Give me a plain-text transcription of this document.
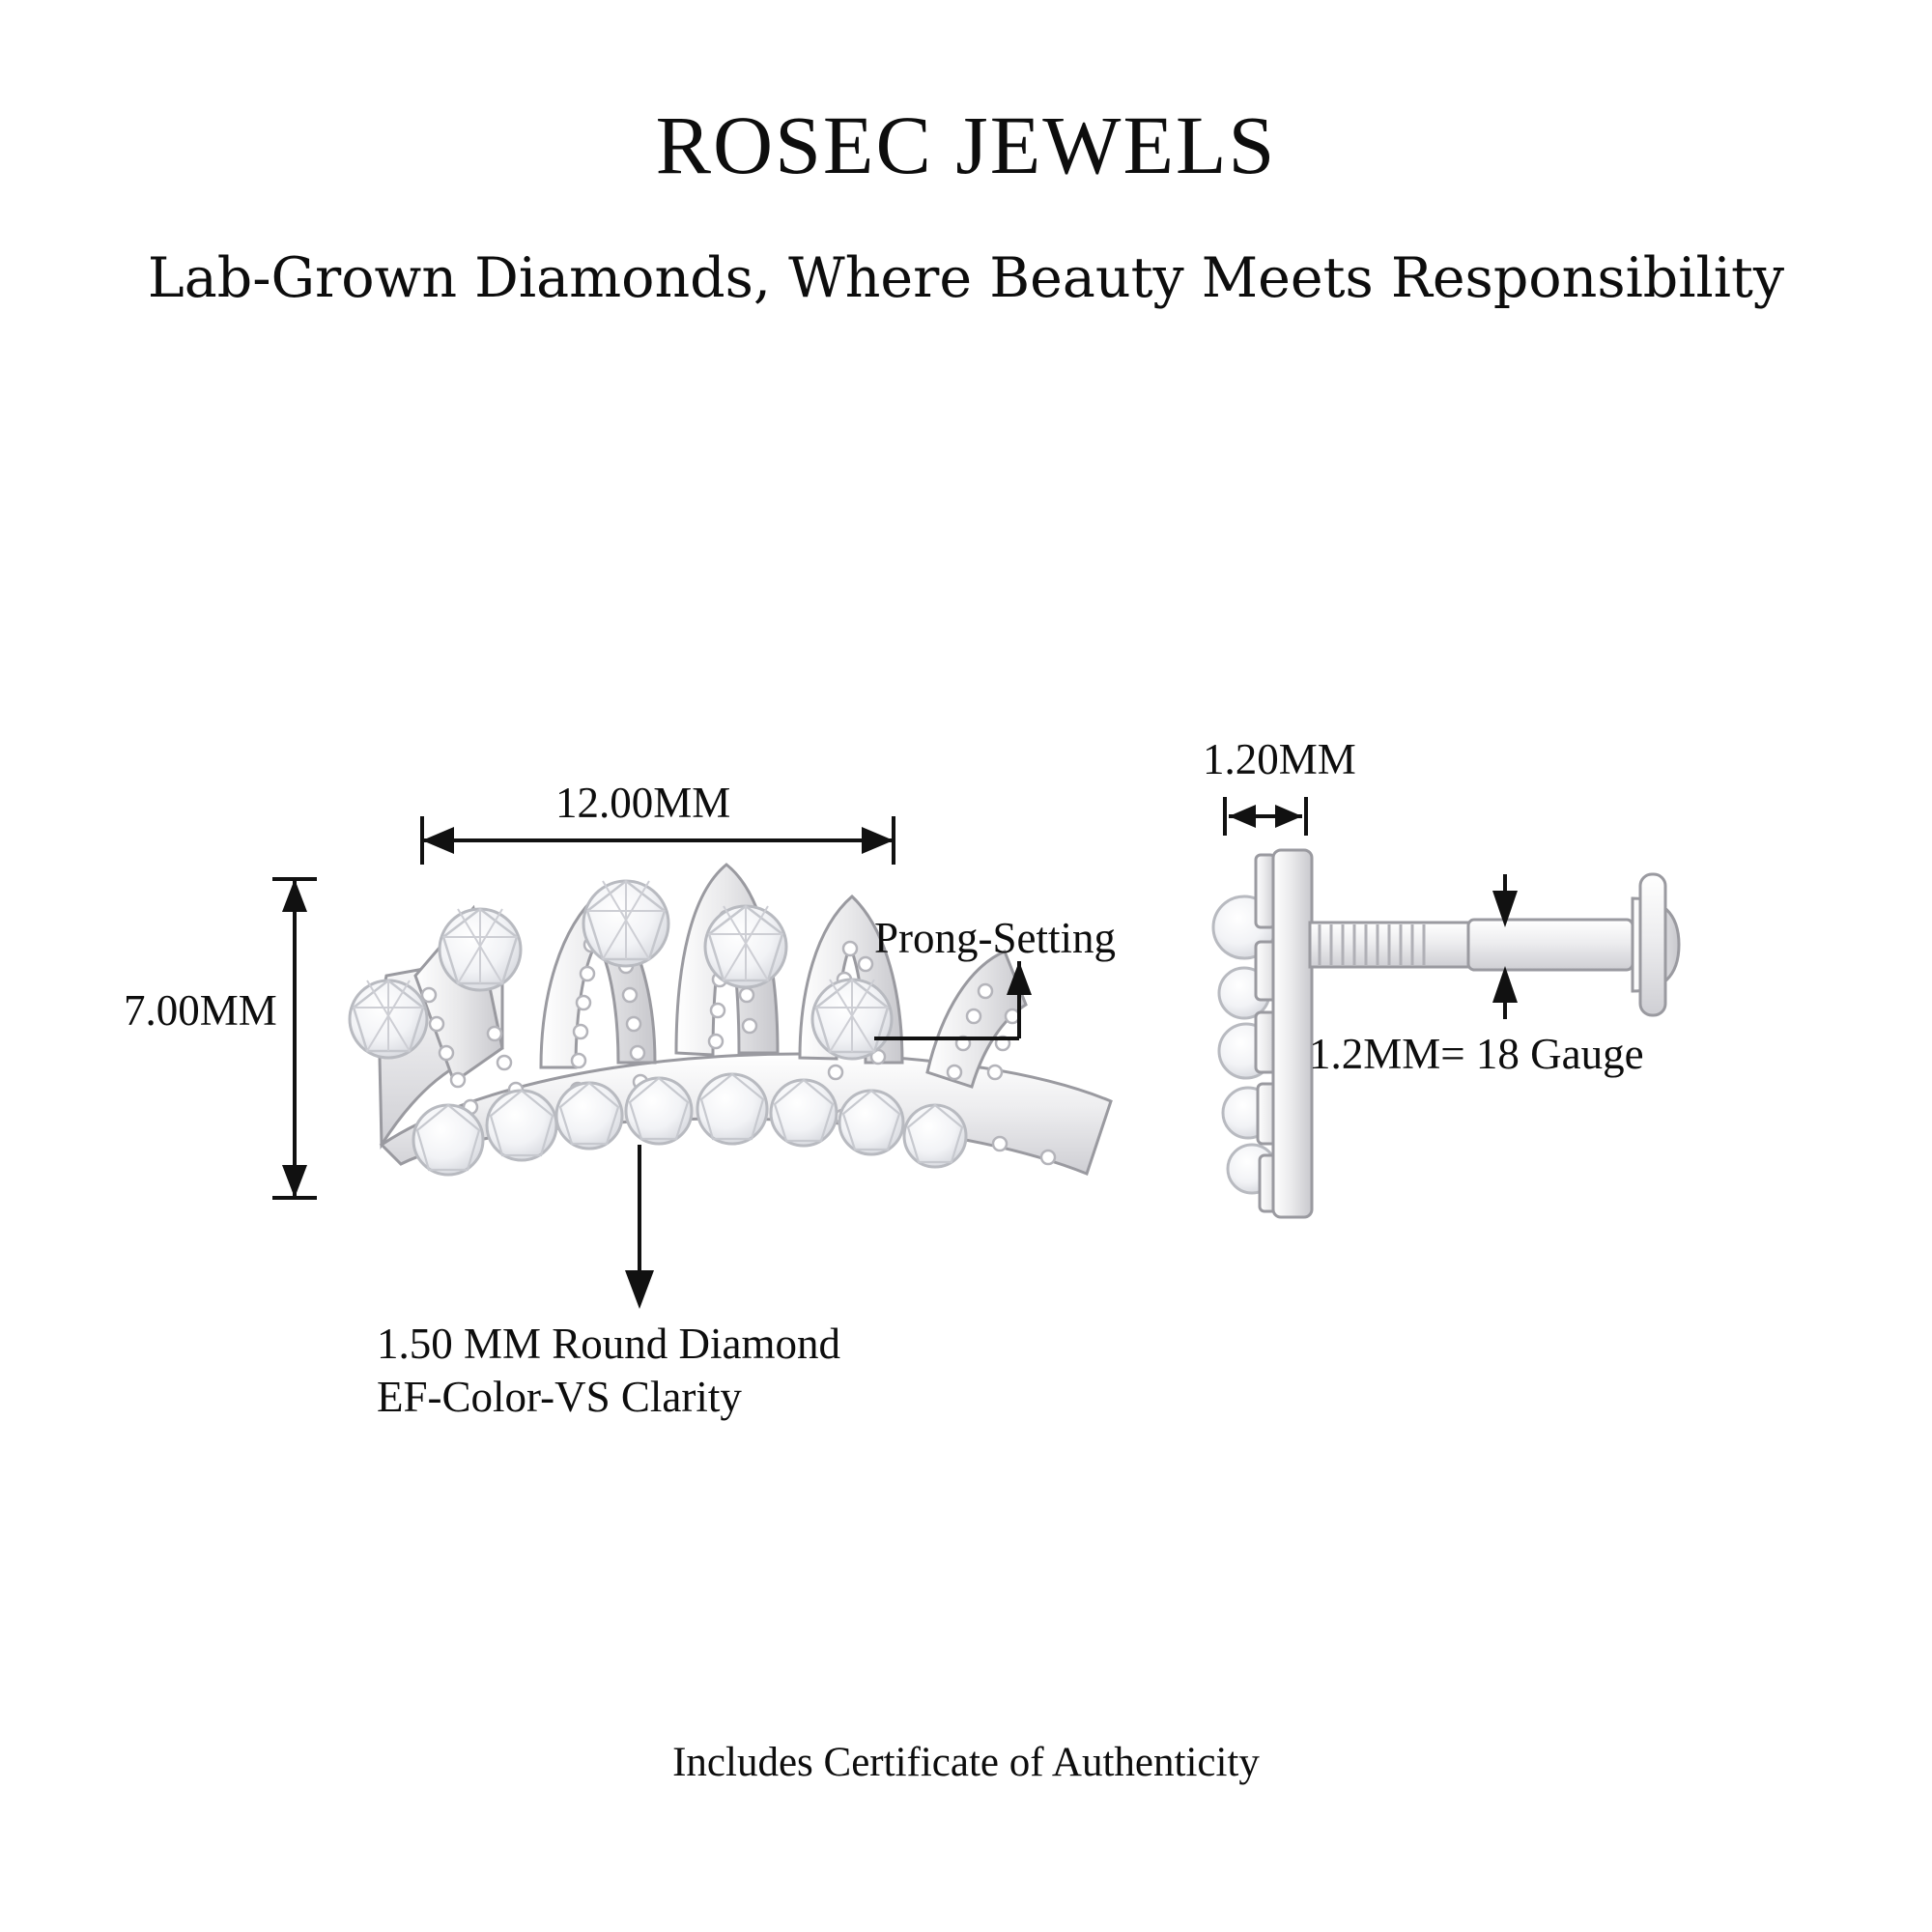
ROSEC JEWELS
Lab-Grown Diamonds, Where Beauty Meets Responsibility
12.00MM
7.00MM
Prong-Setting
1.50 MM Round Diamond
EF-Color-VS Clarity
1.20MM
1.2MM= 18 Gauge
Includes Certificate of Authenticity
